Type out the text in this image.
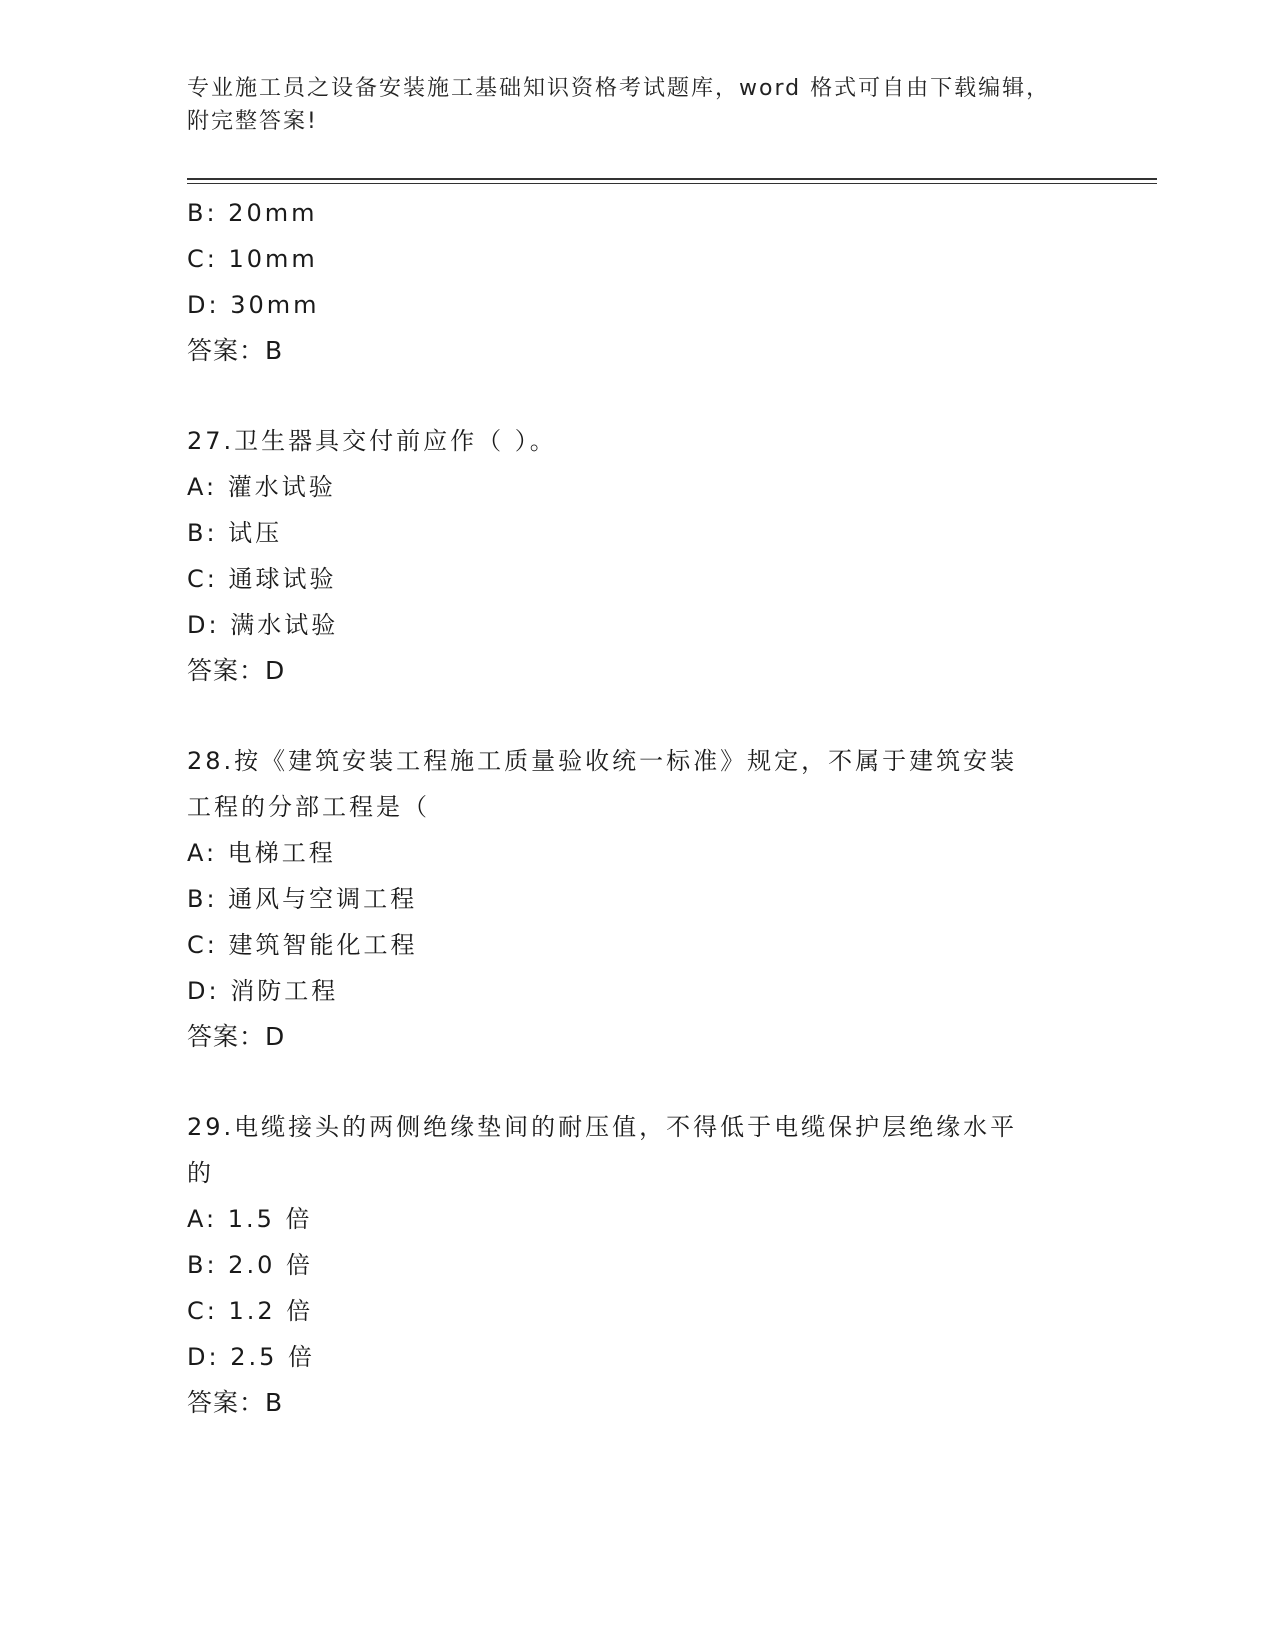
专业施工员之设备安装施工基础知识资格考试题库，word 格式可自由下载编辑，

附完整答案!

B: 20mm
C: 10mm
D: 30mm
答案：B
27.卫生器具交付前应作（ ）。
A: 灌水试验
B: 试压
C: 通球试验
D: 满水试验
答案：D
28.按《建筑安装工程施工质量验收统一标准》规定，不属于建筑安装
工程的分部工程是（
A: 电梯工程
B: 通风与空调工程
C: 建筑智能化工程
D: 消防工程
答案：D
29.电缆接头的两侧绝缘垫间的耐压值，不得低于电缆保护层绝缘水平
的
A: 1.5 倍
B: 2.0 倍
C: 1.2 倍
D: 2.5 倍
答案：B
